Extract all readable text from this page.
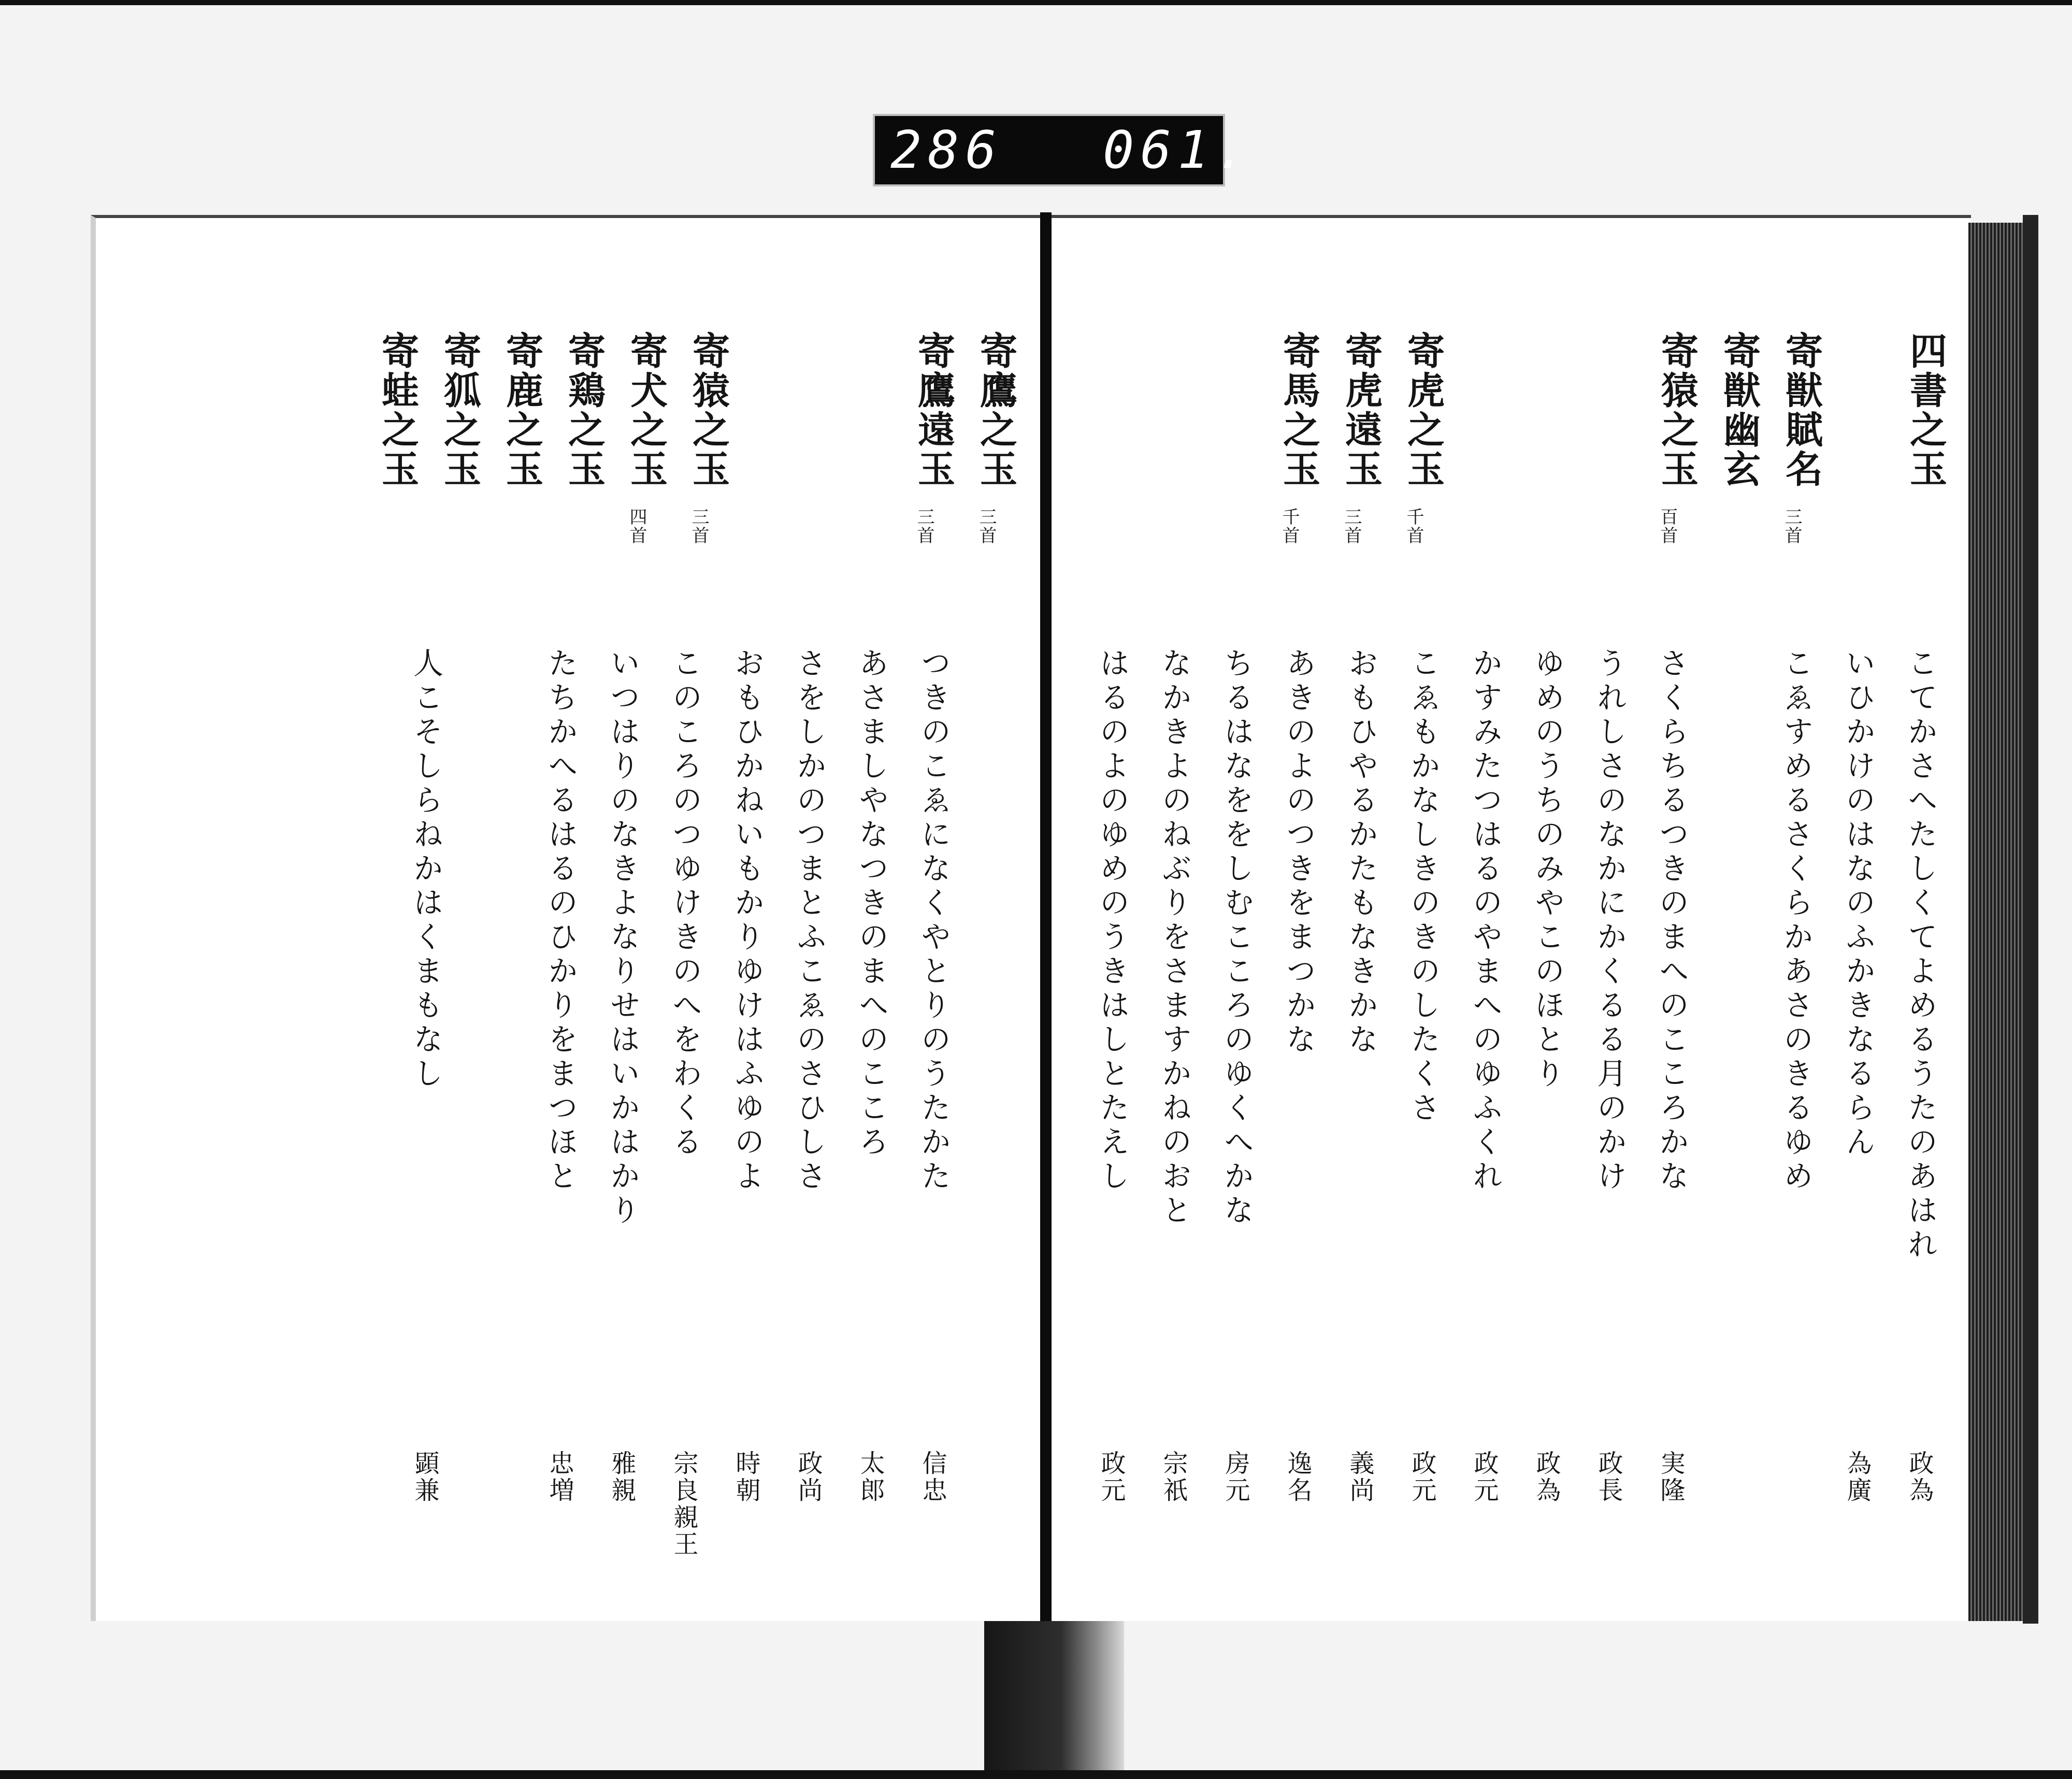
286 061.
四書之玉
寄獣賦名
三首
寄獣幽玄
寄猿之玉
百首
寄虎之玉
千首
寄虎遠玉
三首
寄馬之玉
千首
こてかさへたしくてよめるうたのあはれ
政為
いひかけのはなのふかきなるらん
為廣
こゑすめるさくらかあさのきるゆめ
さくらちるつきのまへのこころかな
実隆
うれしさのなかにかくるる月のかけ
政長
ゆめのうちのみやこのほとり
政為
かすみたつはるのやまへのゆふくれ
政元
こゑもかなしきのきのしたくさ
政元
おもひやるかたもなきかな
義尚
あきのよのつきをまつかな
逸名
ちるはなををしむこころのゆくへかな
房元
なかきよのねぶりをさますかねのおと
宗祇
はるのよのゆめのうきはしとたえし
政元
寄鷹之玉
三首
寄鷹遠玉
三首
寄猿之玉
三首
寄犬之玉
四首
寄鶏之玉
寄鹿之玉
寄狐之玉
寄蛙之玉
つきのこゑになくやとりのうたかた
信忠
あさましやなつきのまへのこころ
太郎
さをしかのつまとふこゑのさひしさ
政尚
おもひかねいもかりゆけはふゆのよ
時朝
このころのつゆけきのへをわくる
宗良親王
いつはりのなきよなりせはいかはかり
雅親
たちかへるはるのひかりをまつほと
忠増
人こそしらねかはくまもなし
顕兼
